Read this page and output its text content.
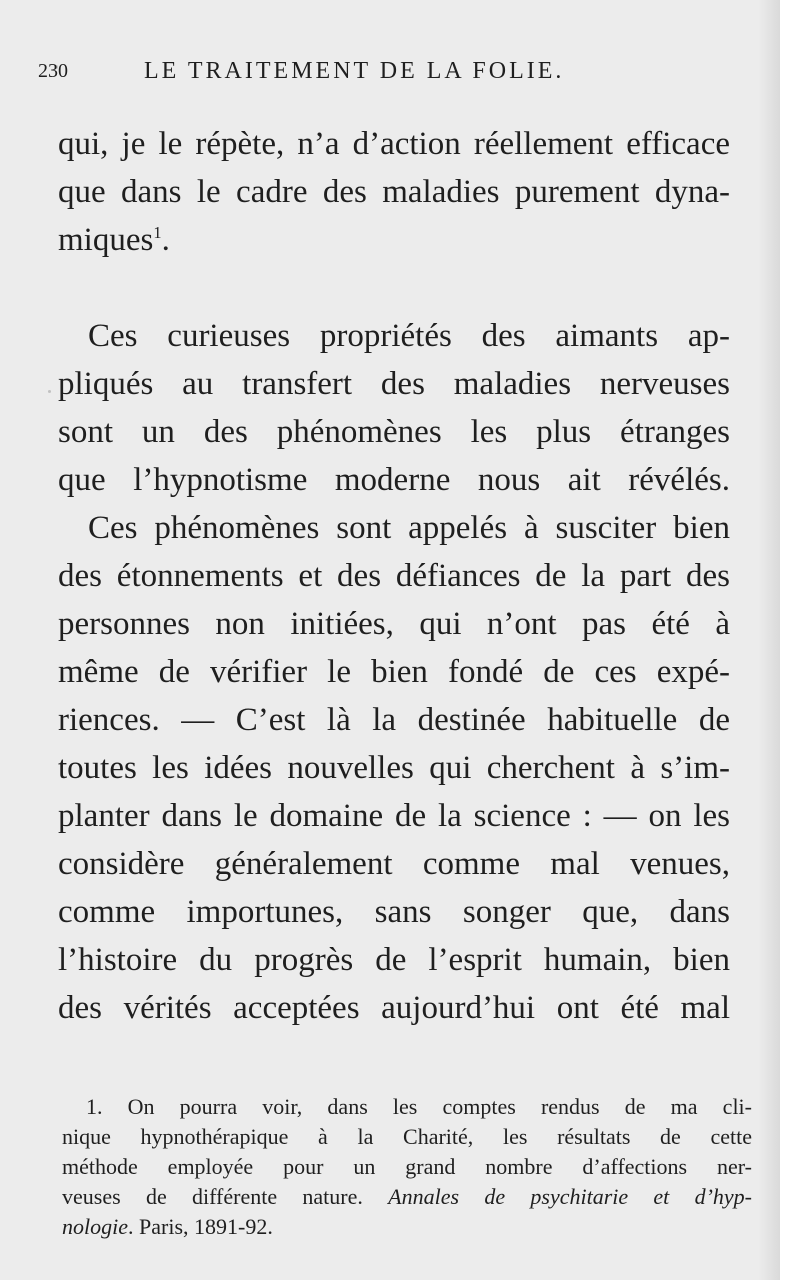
230	LE TRAITEMENT DE LA FOLIE.
qui, je le répète, n’a d’action réellement efficace
que dans le cadre des maladies purement dyna-
miques$^1$.
Ces curieuses propriétés des aimants ap-
pliqués au transfert des maladies nerveuses
sont un des phénomènes les plus étranges
que l’hypnotisme moderne nous ait révélés.
Ces phénomènes sont appelés à susciter bien
des étonnements et des défiances de la part des
personnes non initiées, qui n’ont pas été à
même de vérifier le bien fondé de ces expé-
riences. — C’est là la destinée habituelle de
toutes les idées nouvelles qui cherchent à s’im-
planter dans le domaine de la science : — on les
considère généralement comme mal venues,
comme importunes, sans songer que, dans
l’histoire du progrès de l’esprit humain, bien
des vérités acceptées aujourd’hui ont été mal
1. On pourra voir, dans les comptes rendus de ma cli-
nique hypnothérapique à la Charité, les résultats de cette
méthode employée pour un grand nombre d’affections ner-
veuses de différente nature. Annales de psychitarie et d’hyp-
nologie. Paris, 1891-92.
